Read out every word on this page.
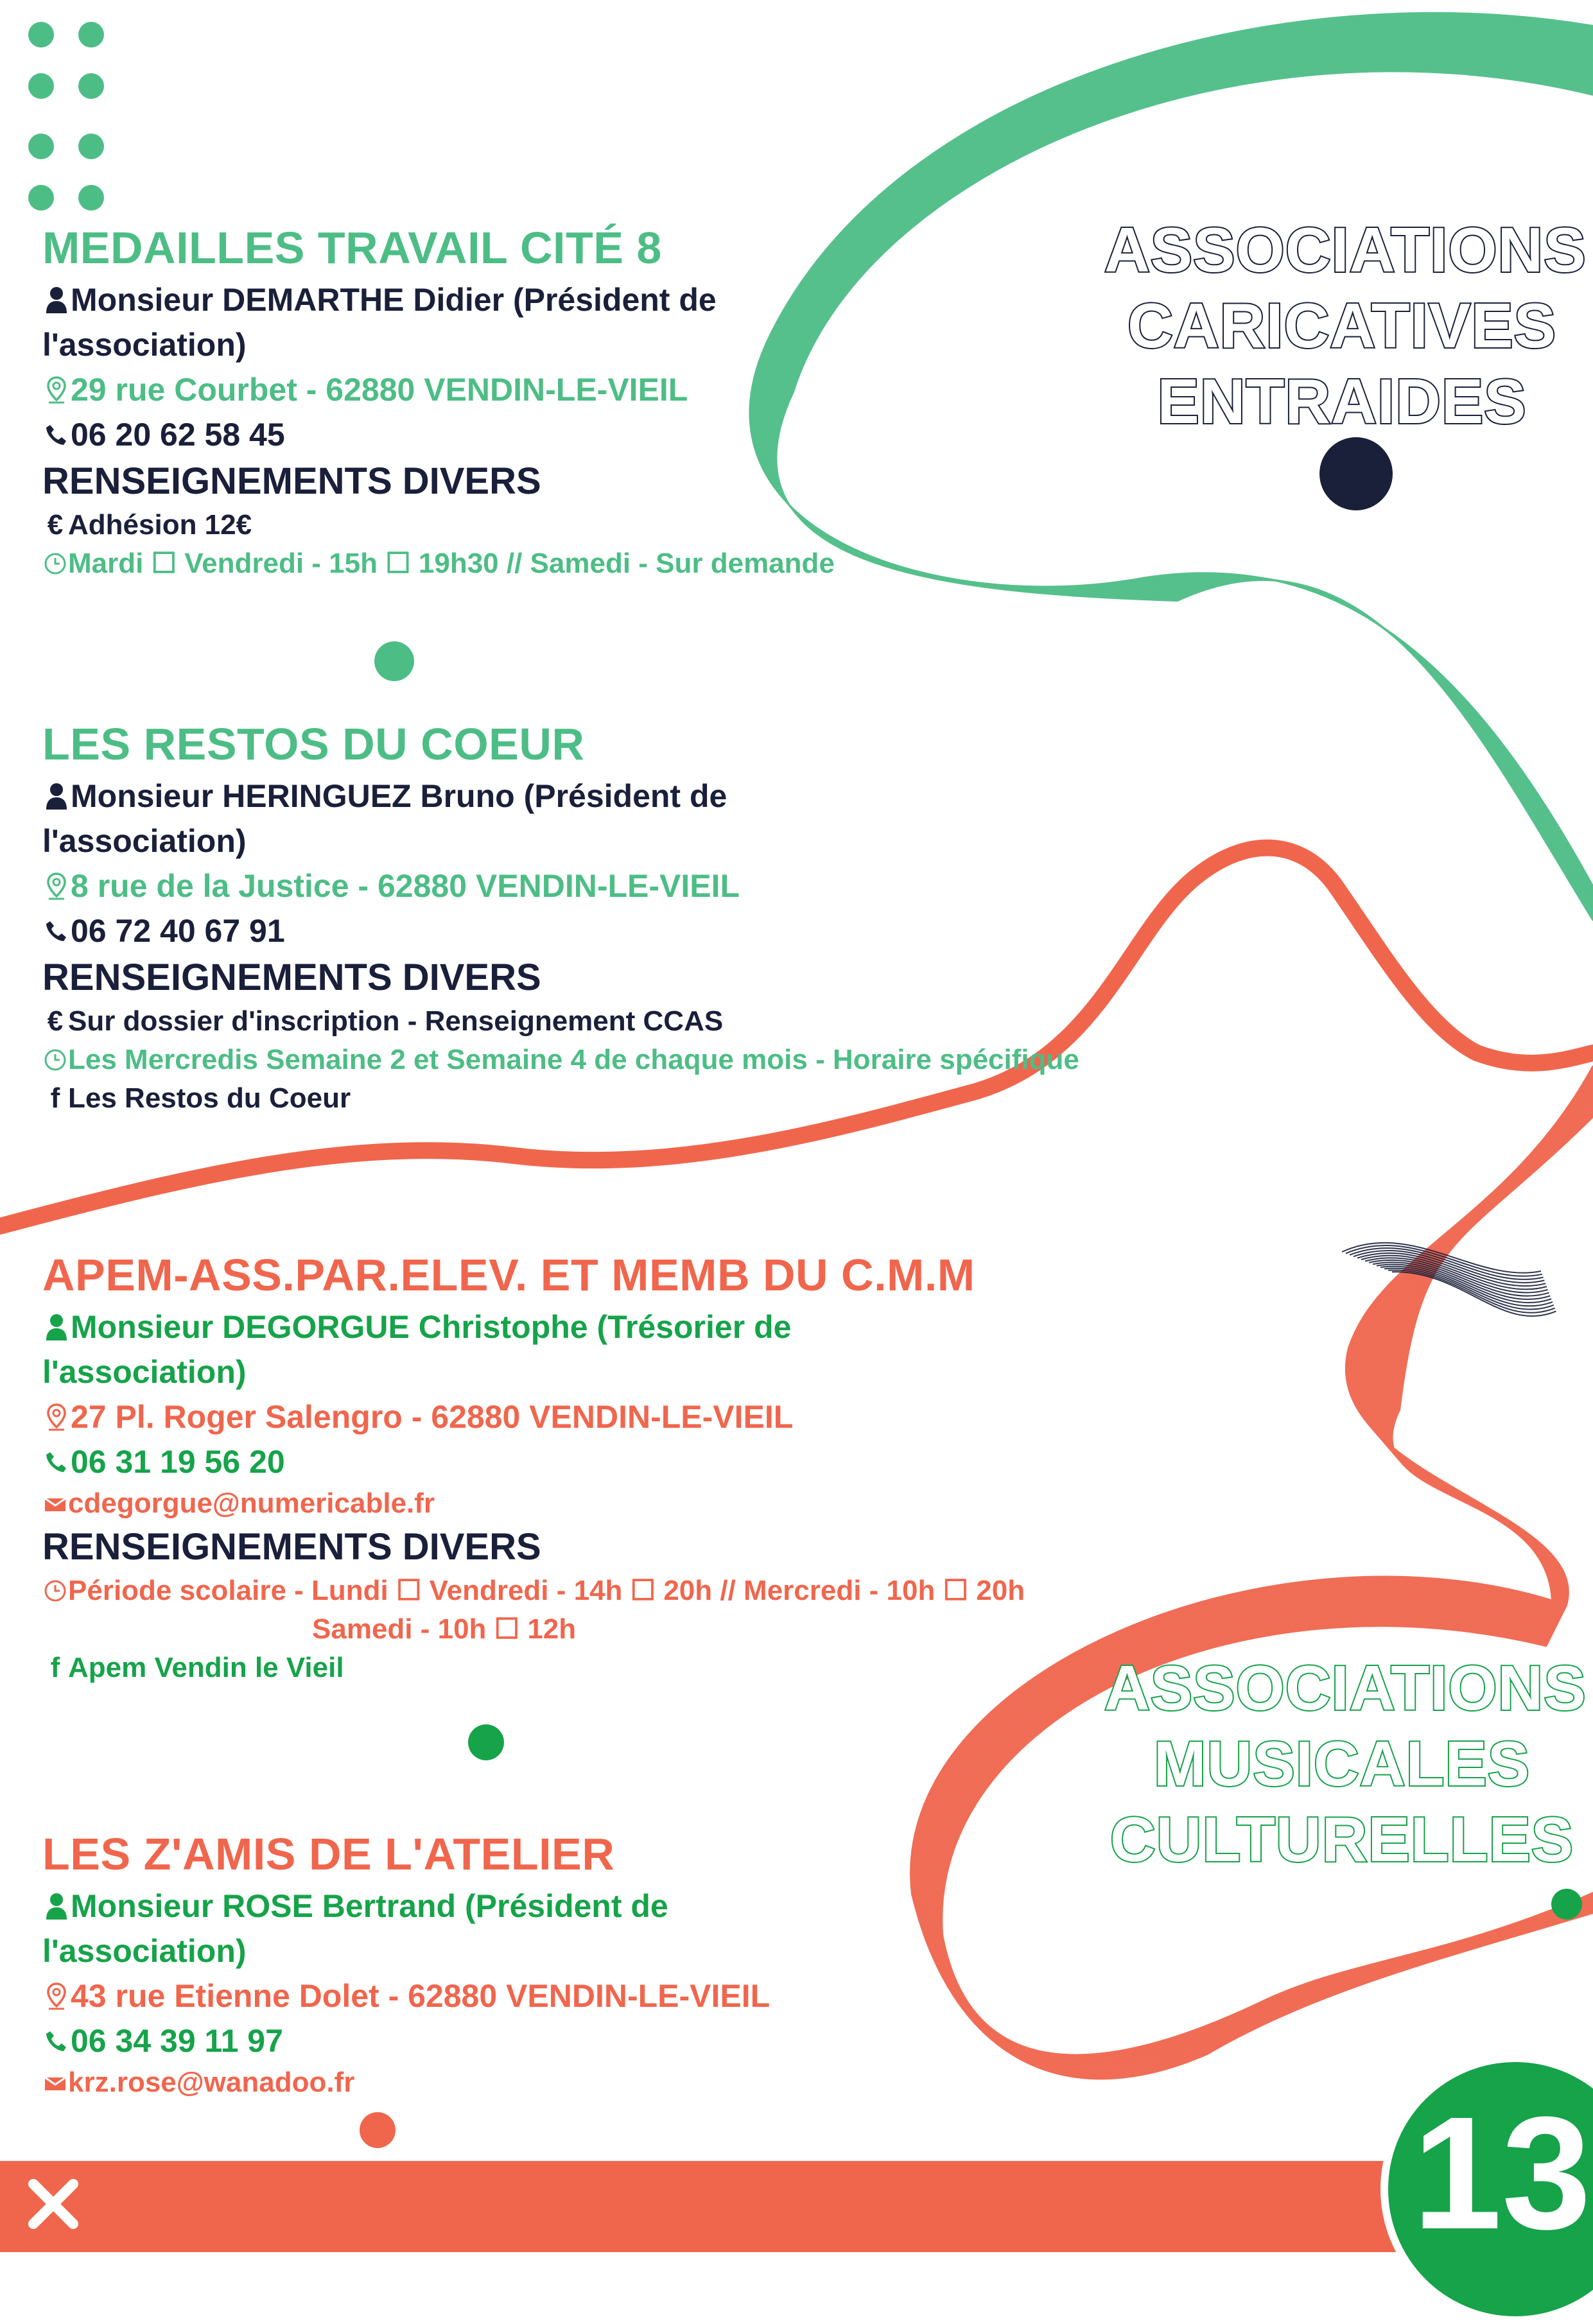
ASSOCIATIONS
CARICATIVES
ENTRAIDES
ASSOCIATIONS
MUSICALES
CULTURELLES
MEDAILLES TRAVAIL CITÉ 8
Monsieur DEMARTHE Didier (Président de
l'association)
29 rue Courbet - 62880 VENDIN-LE-VIEIL
06 20 62 58 45
RENSEIGNEMENTS DIVERS
€ Adhésion 12€
Mardi ☐ Vendredi - 15h ☐ 19h30 // Samedi - Sur demande
LES RESTOS DU COEUR
Monsieur HERINGUEZ Bruno (Président de
l'association)
8 rue de la Justice - 62880 VENDIN-LE-VIEIL
06 72 40 67 91
RENSEIGNEMENTS DIVERS
€ Sur dossier d'inscription - Renseignement CCAS
Les Mercredis Semaine 2 et Semaine 4 de chaque mois - Horaire spécifique
f Les Restos du Coeur
APEM-ASS.PAR.ELEV. ET MEMB DU C.M.M
Monsieur DEGORGUE Christophe (Trésorier de
l'association)
27 Pl. Roger Salengro - 62880 VENDIN-LE-VIEIL
06 31 19 56 20
cdegorgue@numericable.fr
RENSEIGNEMENTS DIVERS
Période scolaire - Lundi ☐ Vendredi - 14h ☐ 20h // Mercredi - 10h ☐ 20h
Samedi - 10h ☐ 12h
f Apem Vendin le Vieil
LES Z'AMIS DE L'ATELIER
Monsieur ROSE Bertrand (Président de
l'association)
43 rue Etienne Dolet - 62880 VENDIN-LE-VIEIL
06 34 39 11 97
krz.rose@wanadoo.fr
13
